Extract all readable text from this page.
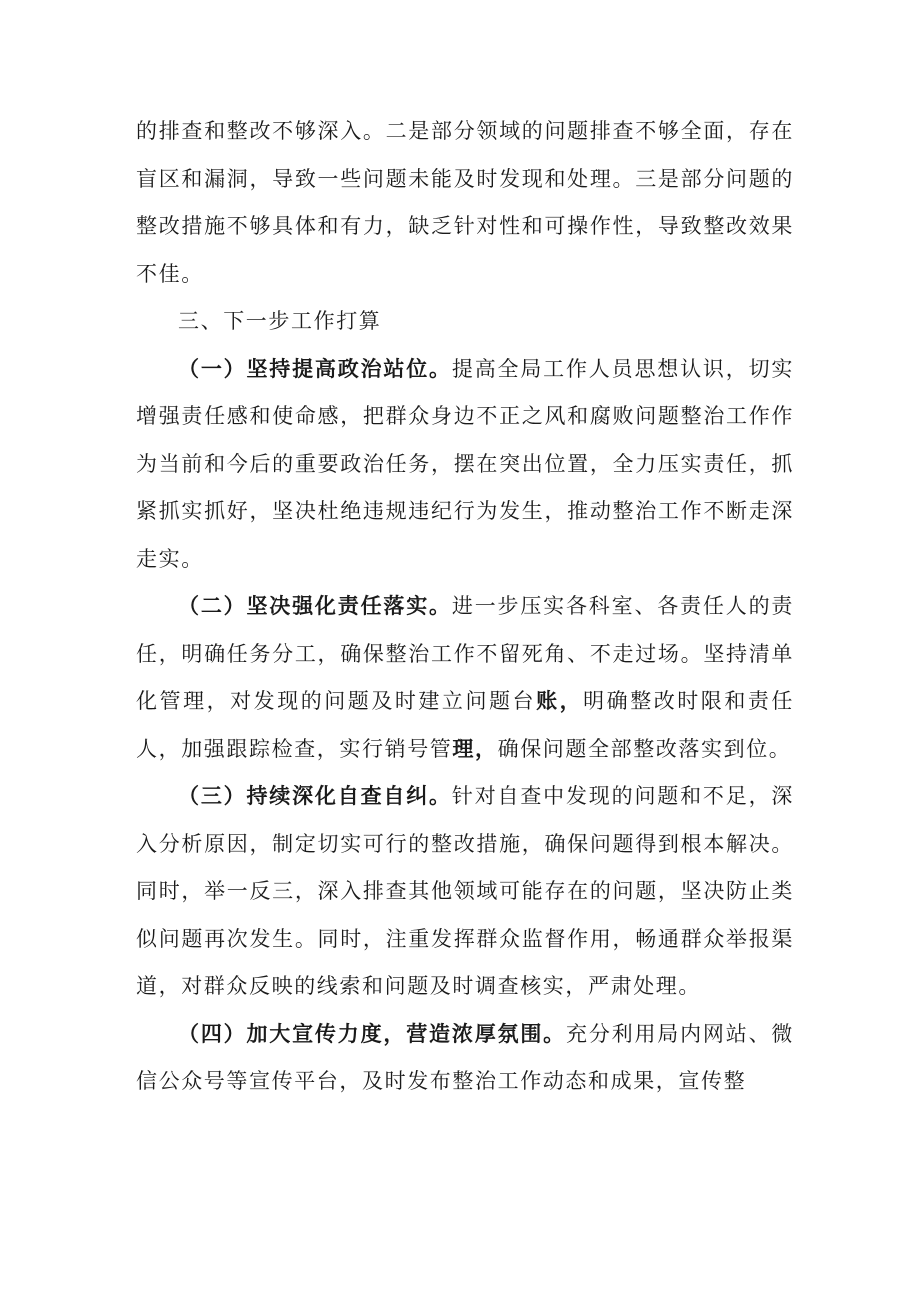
的排查和整改不够深入。二是部分领域的问题排查不够全面，存在盲区和漏洞，导致一些问题未能及时发现和处理。三是部分问题的整改措施不够具体和有力，缺乏针对性和可操作性，导致整改效果不佳。

三、下一步工作打算

（一）坚持提高政治站位。提高全局工作人员思想认识，切实增强责任感和使命感，把群众身边不正之风和腐败问题整治工作作为当前和今后的重要政治任务，摆在突出位置，全力压实责任，抓紧抓实抓好，坚决杜绝违规违纪行为发生，推动整治工作不断走深走实。

（二）坚决强化责任落实。进一步压实各科室、各责任人的责任，明确任务分工，确保整治工作不留死角、不走过场。坚持清单化管理，对发现的问题及时建立问题台账，明确整改时限和责任人，加强跟踪检查，实行销号管理，确保问题全部整改落实到位。

（三）持续深化自查自纠。针对自查中发现的问题和不足，深入分析原因，制定切实可行的整改措施，确保问题得到根本解决。同时，举一反三，深入排查其他领域可能存在的问题，坚决防止类似问题再次发生。同时，注重发挥群众监督作用，畅通群众举报渠道，对群众反映的线索和问题及时调查核实，严肃处理。

（四）加大宣传力度，营造浓厚氛围。充分利用局内网站、微信公众号等宣传平台，及时发布整治工作动态和成果，宣传整
